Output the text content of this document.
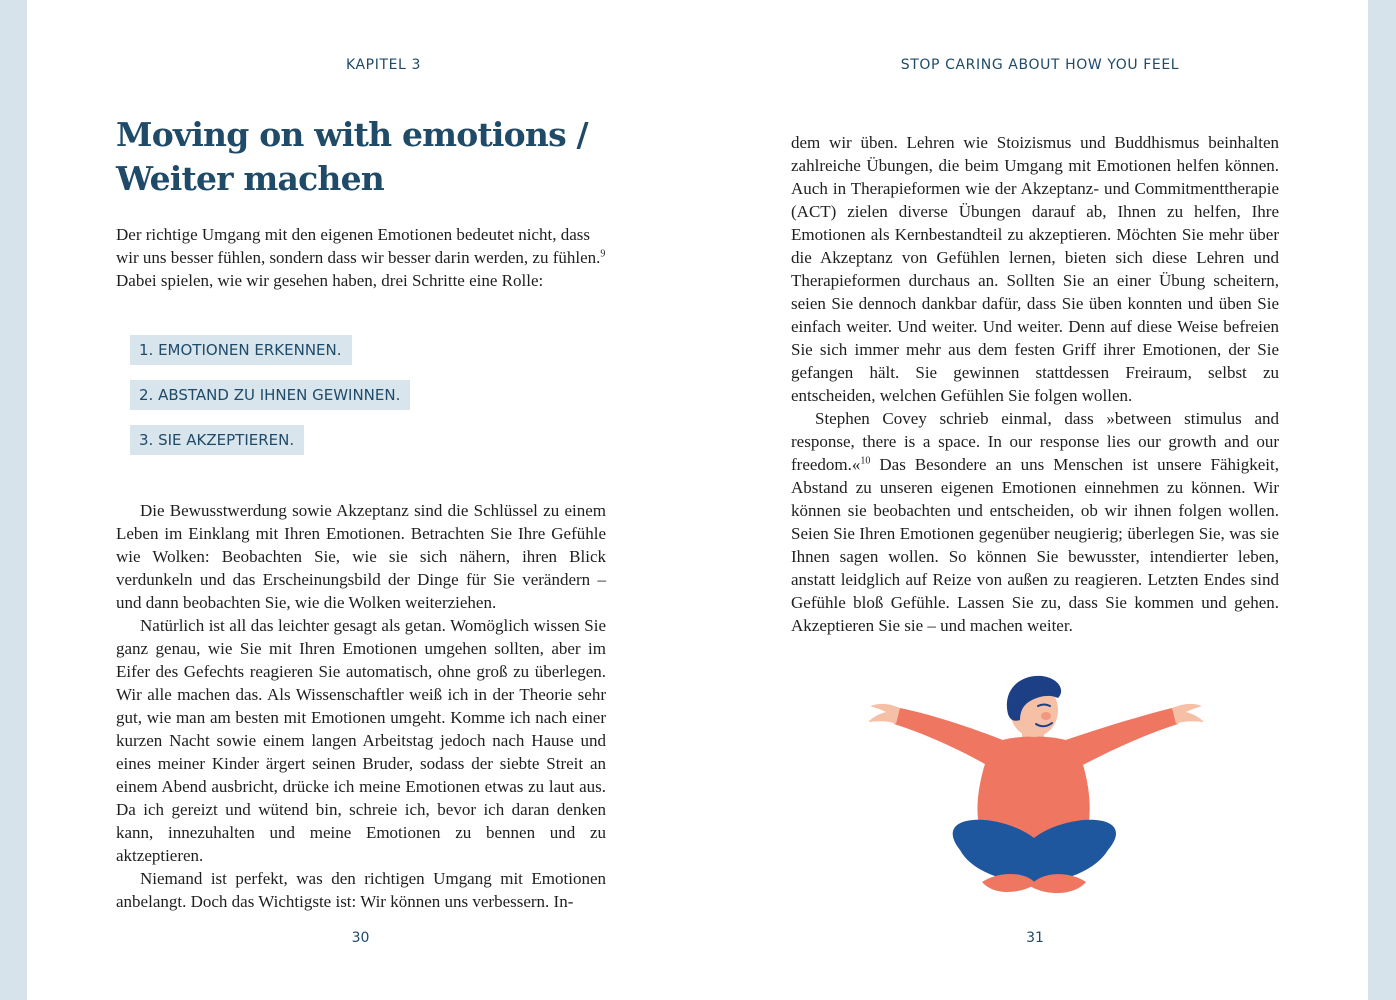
KAPITEL 3
Moving on with emotions /
Weiter machen

Der richtige Umgang mit den eigenen Emotionen bedeutet nicht, dass wir uns besser fühlen, sondern dass wir besser darin werden, zu fühlen.$^9$
Dabei spielen, wie wir gesehen haben, drei Schritte eine Rolle:

1. EMOTIONEN ERKENNEN.
2. ABSTAND ZU IHNEN GEWINNEN.
3. SIE AKZEPTIEREN.

Die Bewusstwerdung sowie Akzeptanz sind die Schlüssel zu einem Leben im Einklang mit Ihren Emotionen. Betrachten Sie Ihre Gefühle wie Wolken: Beobachten Sie, wie sie sich nähern, ihren Blick verdunkeln und das Erscheinungsbild der Dinge für Sie verändern – und dann beobachten Sie, wie die Wolken weiterziehen.

Natürlich ist all das leichter gesagt als getan. Womöglich wissen Sie ganz genau, wie Sie mit Ihren Emotionen umgehen sollten, aber im Eifer des Gefechts reagieren Sie automatisch, ohne groß zu überlegen. Wir alle machen das. Als Wissenschaftler weiß ich in der Theorie sehr gut, wie man am besten mit Emotionen umgeht. Komme ich nach einer kurzen Nacht sowie einem langen Arbeitstag jedoch nach Hause und eines meiner Kinder ärgert seinen Bruder, sodass der siebte Streit an einem Abend ausbricht, drücke ich meine Emotionen etwas zu laut aus. Da ich gereizt und wütend bin, schreie ich, bevor ich daran denken kann, innezuhalten und meine Emotionen zu bennen und zu aktzeptieren.

Niemand ist perfekt, was den richtigen Umgang mit Emotionen anbelangt. Doch das Wichtigste ist: Wir können uns verbessern. In-

30
STOP CARING ABOUT HOW YOU FEEL

dem wir üben. Lehren wie Stoizismus und Buddhismus beinhalten zahlreiche Übungen, die beim Umgang mit Emotionen helfen können. Auch in Therapieformen wie der Akzeptanz- und Commitmenttherapie (ACT) zielen diverse Übungen darauf ab, Ihnen zu helfen, Ihre Emotionen als Kernbestandteil zu akzeptieren. Möchten Sie mehr über die Akzeptanz von Gefühlen lernen, bieten sich diese Lehren und Therapieformen durchaus an. Sollten Sie an einer Übung scheitern, seien Sie dennoch dankbar dafür, dass Sie üben konnten und üben Sie einfach weiter. Und weiter. Und weiter. Denn auf diese Weise befreien Sie sich immer mehr aus dem festen Griff ihrer Emotionen, der Sie gefangen hält. Sie gewinnen stattdessen Freiraum, selbst zu entscheiden, welchen Gefühlen Sie folgen wollen.

Stephen Covey schrieb einmal, dass »between stimulus and response, there is a space. In our response lies our growth and our freedom.«$^{10}$ Das Besondere an uns Menschen ist unsere Fähigkeit, Abstand zu unseren eigenen Emotionen einnehmen zu können. Wir können sie beobachten und entscheiden, ob wir ihnen folgen wollen. Seien Sie Ihren Emotionen gegenüber neugierig; überlegen Sie, was sie Ihnen sagen wollen. So können Sie bewusster, intendierter leben, anstatt leidglich auf Reize von außen zu reagieren. Letzten Endes sind Gefühle bloß Gefühle. Lassen Sie zu, dass Sie kommen und gehen. Akzeptieren Sie sie – und machen weiter.

31
